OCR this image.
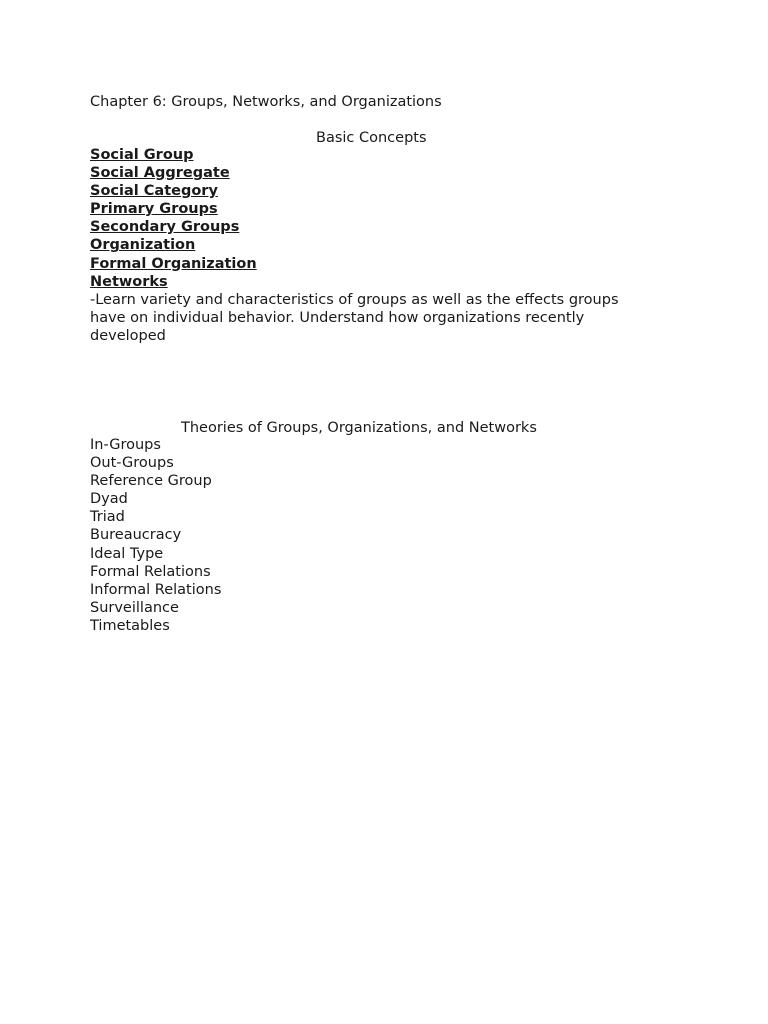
Chapter 6: Groups, Networks, and Organizations
Basic Concepts
Social Group
Social Aggregate
Social Category
Primary Groups
Secondary Groups
Organization
Formal Organization
Networks

-Learn variety and characteristics of groups as well as the effects groups have on individual behavior. Understand how organizations recently developed

Theories of Groups, Organizations, and Networks
In-Groups
Out-Groups
Reference Group
Dyad
Triad
Bureaucracy
Ideal Type
Formal Relations
Informal Relations
Surveillance
Timetables
